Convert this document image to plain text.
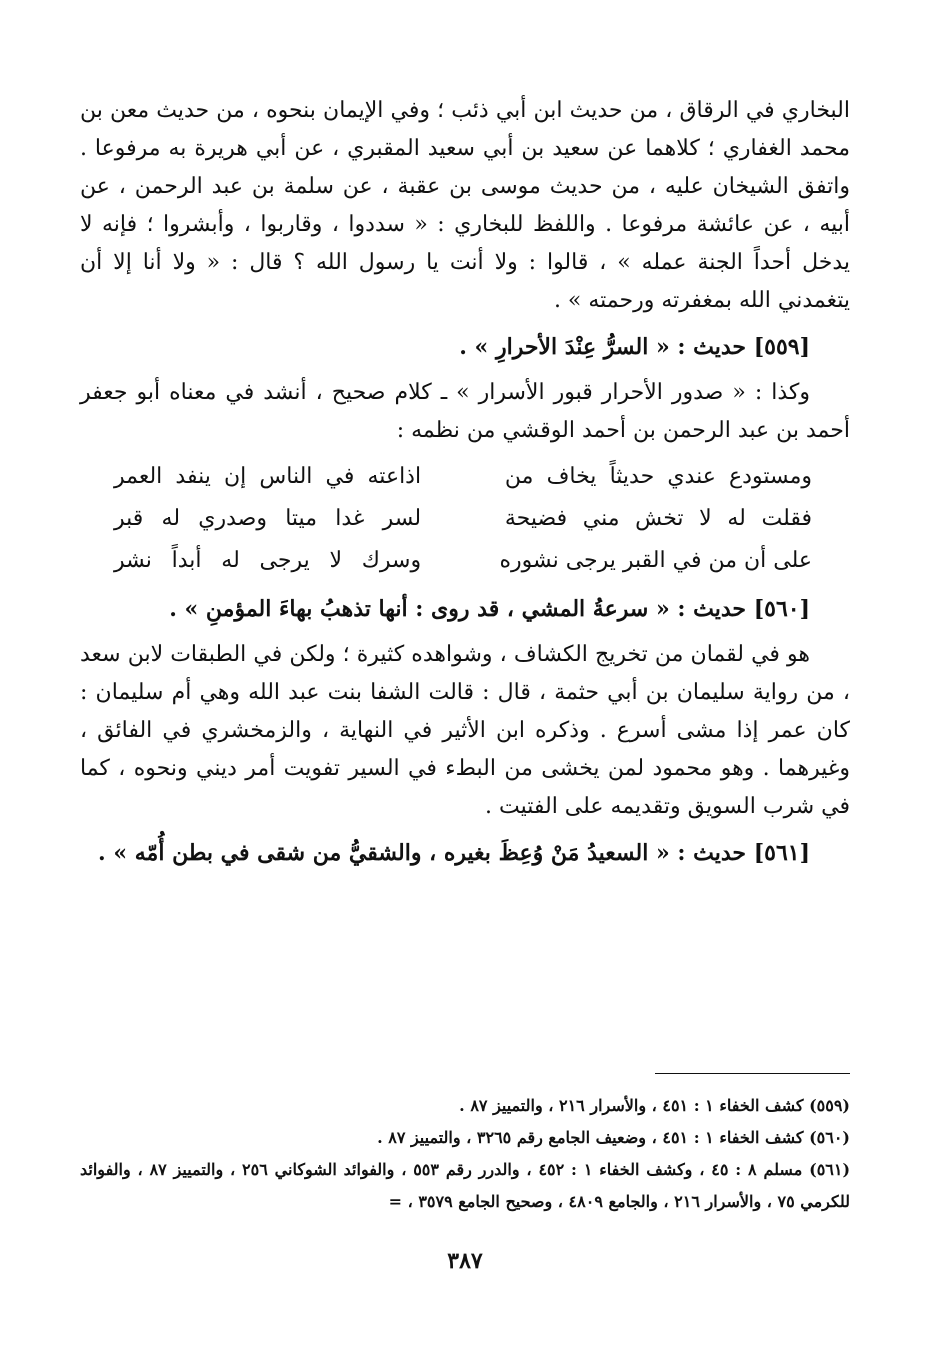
البخاري في الرقاق ، من حديث ابن أبي ذئب ؛ وفي الإيمان بنحوه ، من حديث معن بن محمد الغفاري ؛ كلاهما عن سعيد بن أبي سعيد المقبري ، عن أبي هريرة به مرفوعا . واتفق الشيخان عليه ، من حديث موسى بن عقبة ، عن سلمة بن عبد الرحمن ، عن أبيه ، عن عائشة مرفوعا . واللفظ للبخاري : « سددوا ، وقاربوا ، وأبشروا ؛ فإنه لا يدخل أحداً الجنة عمله » ، قالوا : ولا أنت يا رسول الله ؟ قال : « ولا أنا إلا أن يتغمدني الله بمغفرته ورحمته » .

[٥٥٩] حديث : « السرُّ عِنْدَ الأحرارِ » .

وكذا : « صدور الأحرار قبور الأسرار » ـ كلام صحيح ، أنشد في معناه أبو جعفر أحمد بن عبد الرحمن بن أحمد الوقشي من نظمه :

ومستودع عندي حديثاً يخاف من
اذاعته في الناس إن ينفد العمر
فقلت له لا تخش مني فضيحة
لسر غدا ميتا وصدري له قبر
على أن من في القبر يرجى نشوره
وسرك لا يرجى له أبداً نشر

[٥٦٠] حديث : « سرعةُ المشي ، قد روى : أنها تذهبُ بهاءَ المؤمنِ » .

هو في لقمان من تخريج الكشاف ، وشواهده كثيرة ؛ ولكن في الطبقات لابن سعد ، من رواية سليمان بن أبي حثمة ، قال : قالت الشفا بنت عبد الله وهي أم سليمان : كان عمر إذا مشى أسرع . وذكره ابن الأثير في النهاية ، والزمخشري في الفائق ، وغيرهما . وهو محمود لمن يخشى من البطء في السير تفويت أمر ديني ونحوه ، كما في شرب السويق وتقديمه على الفتيت .

[٥٦١] حديث : « السعيدُ مَنْ وُعِظَ بغيره ، والشقيُّ من شقى في بطن أُمّه » .

(٥٥٩) كشف الخفاء ١ : ٤٥١ ، والأسرار ٢١٦ ، والتمييز ٨٧ .

(٥٦٠) كشف الخفاء ١ : ٤٥١ ، وضعيف الجامع رقم ٣٢٦٥ ، والتمييز ٨٧ .

(٥٦١) مسلم ٨ : ٤٥ ، وكشف الخفاء ١ : ٤٥٢ ، والدرر رقم ٥٥٣ ، والفوائد الشوكاني ٢٥٦ ، والتمييز ٨٧ ، والفوائد للكرمي ٧٥ ، والأسرار ٢١٦ ، والجامع ٤٨٠٩ ، وصحيح الجامع ٣٥٧٩ ، =

٣٨٧
